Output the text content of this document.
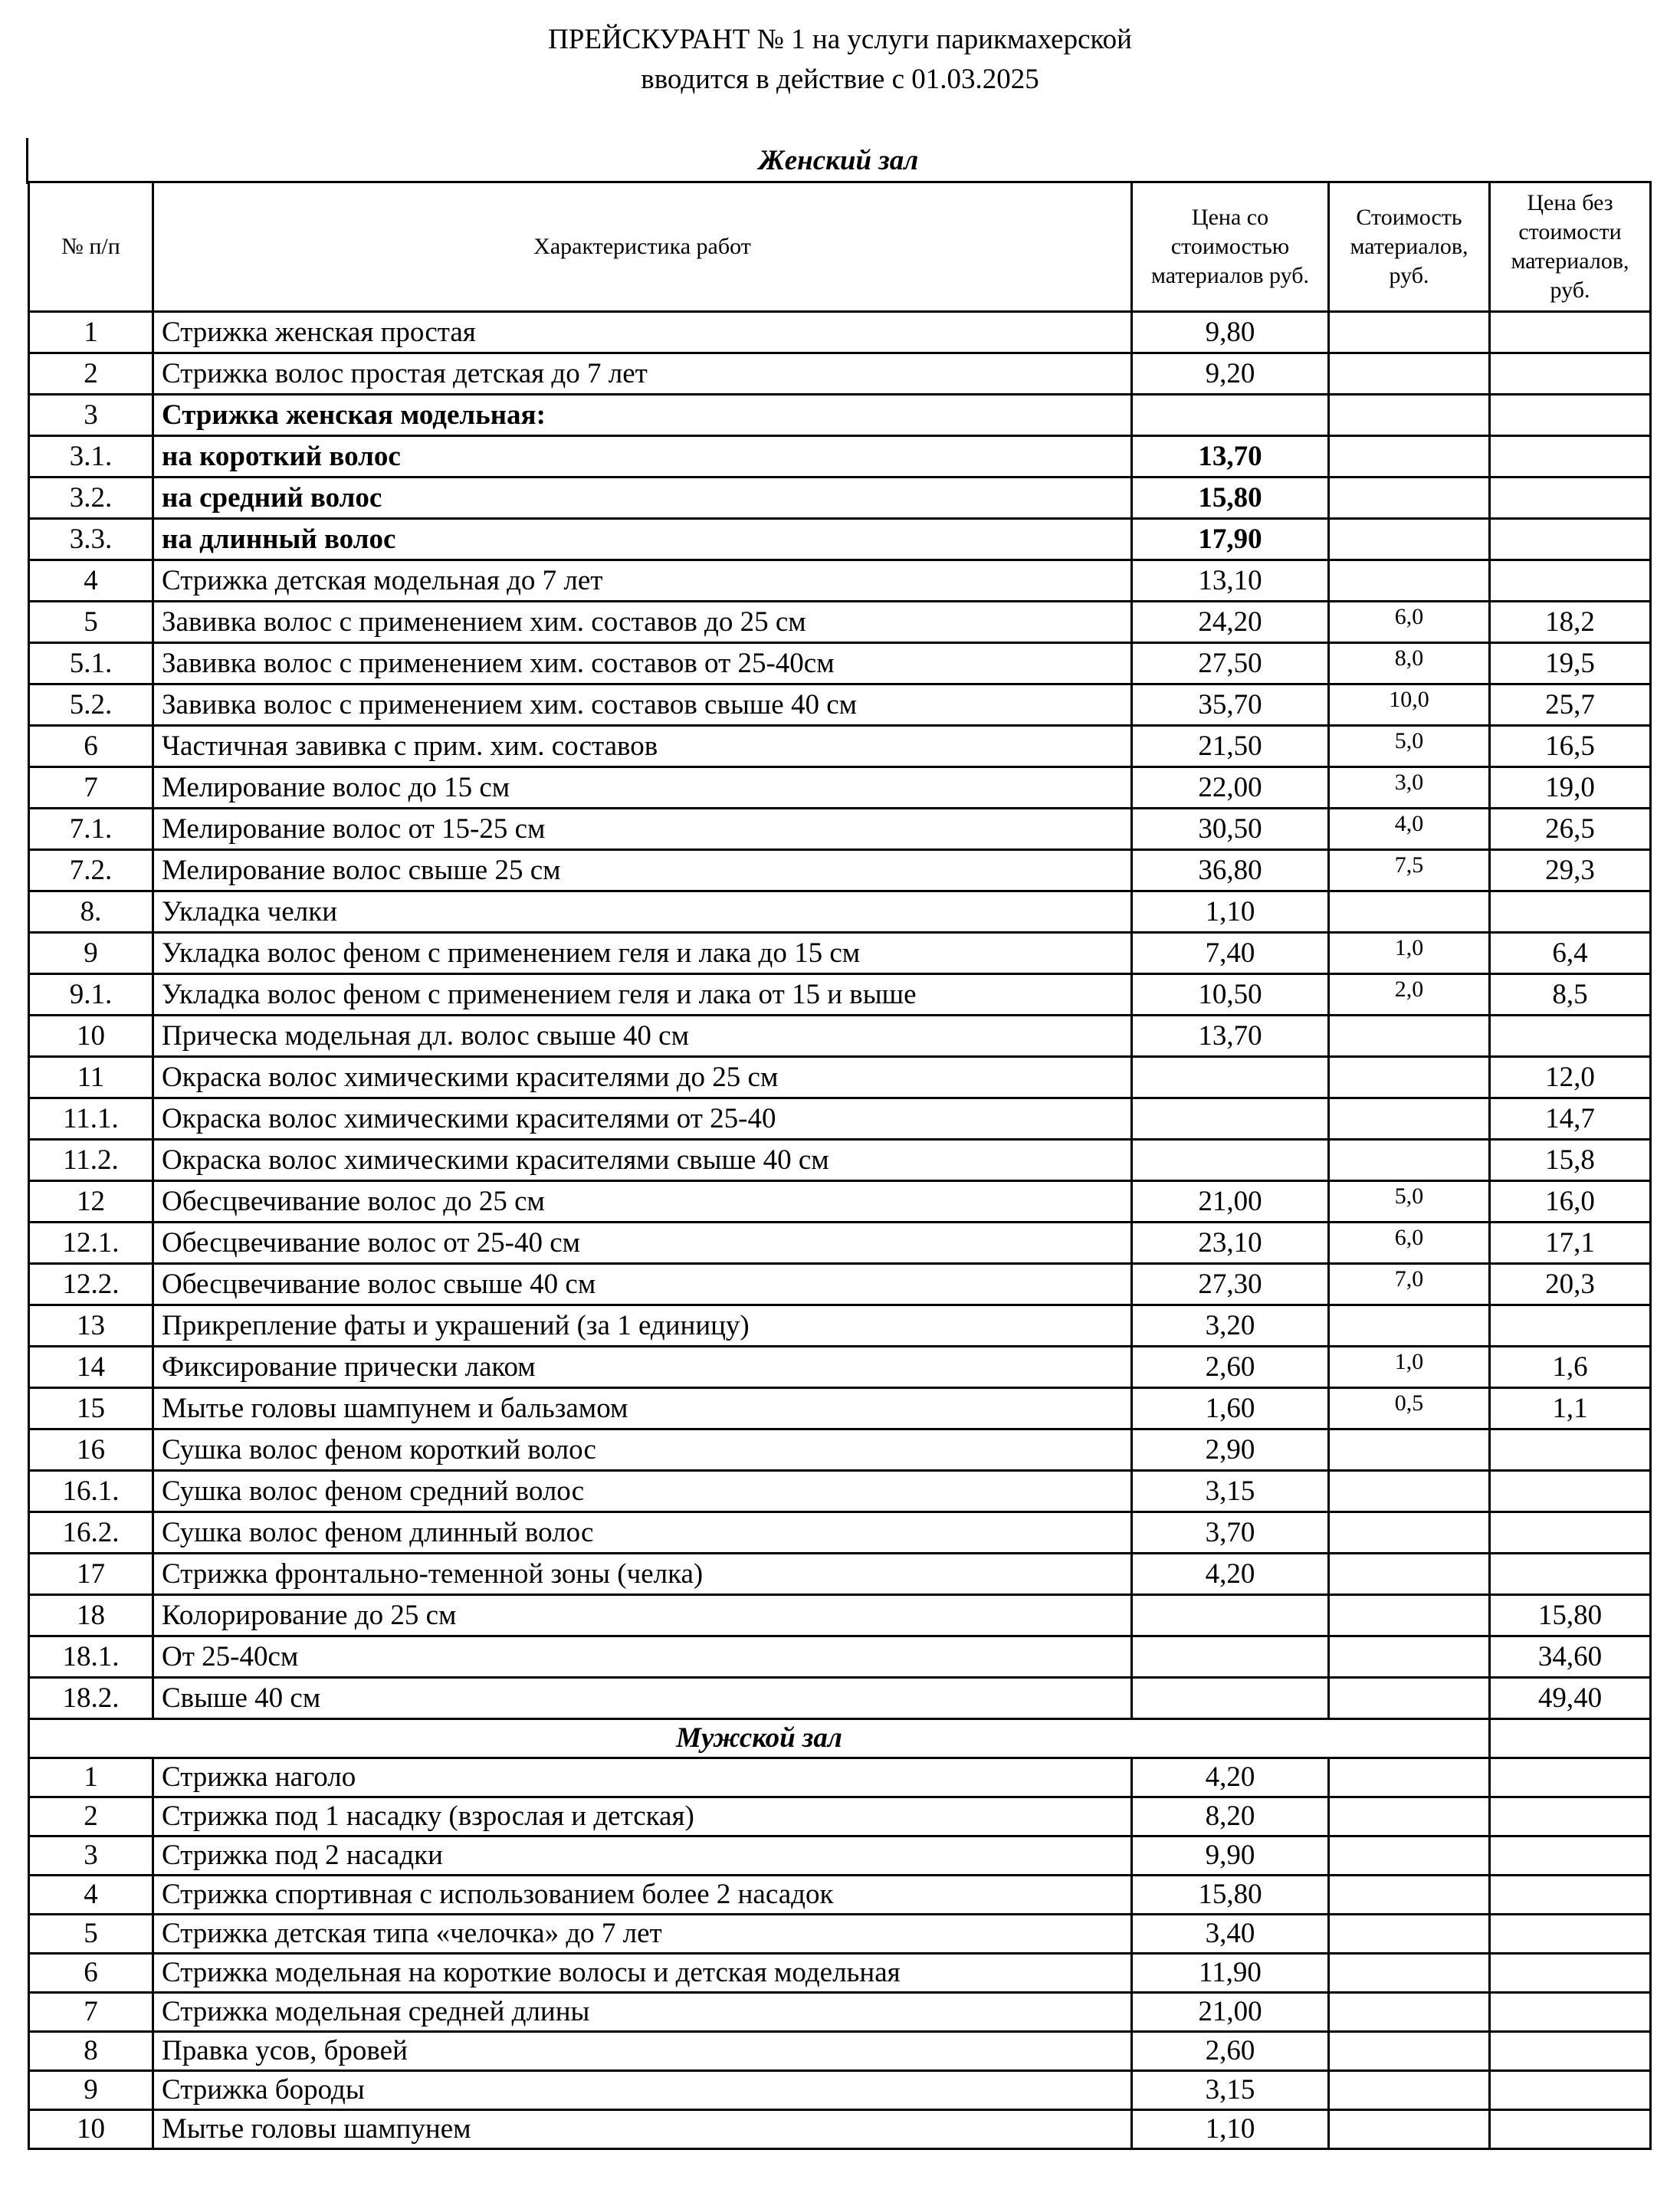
ПРЕЙСКУРАНТ № 1 на услуги парикмахерской
вводится в действие с 01.03.2025
Женский зал
№ п/п	Характеристика работ	Цена со стоимостью материалов руб.	Стоимость материалов, руб.	Цена без стоимости материалов, руб.
1	Стрижка женская простая	9,80		
2	Стрижка волос простая детская до 7 лет	9,20		
3	Стрижка женская модельная:			
3.1.	на короткий волос	13,70		
3.2.	на средний волос	15,80		
3.3.	на длинный волос	17,90		
4	Стрижка детская модельная до 7 лет	13,10		
5	Завивка волос с применением хим. составов до 25 см	24,20	6,0	18,2
5.1.	Завивка волос с применением хим. составов от 25-40см	27,50	8,0	19,5
5.2.	Завивка волос с применением хим. составов свыше 40 см	35,70	10,0	25,7
6	Частичная завивка с прим. хим. составов	21,50	5,0	16,5
7	Мелирование волос до 15 см	22,00	3,0	19,0
7.1.	Мелирование волос от 15-25 см	30,50	4,0	26,5
7.2.	Мелирование волос свыше 25 см	36,80	7,5	29,3
8.	Укладка челки	1,10		
9	Укладка волос феном с применением геля и лака до 15 см	7,40	1,0	6,4
9.1.	Укладка волос феном с применением геля и лака от 15 и выше	10,50	2,0	8,5
10	Прическа модельная дл. волос свыше 40 см	13,70		
11	Окраска волос химическими красителями до 25 см			12,0
11.1.	Окраска волос химическими красителями от 25-40			14,7
11.2.	Окраска волос химическими красителями свыше 40 см			15,8
12	Обесцвечивание волос до 25 см	21,00	5,0	16,0
12.1.	Обесцвечивание волос от 25-40 см	23,10	6,0	17,1
12.2.	Обесцвечивание волос свыше 40 см	27,30	7,0	20,3
13	Прикрепление фаты и украшений (за 1 единицу)	3,20		
14	Фиксирование прически лаком	2,60	1,0	1,6
15	Мытье головы шампунем и бальзамом	1,60	0,5	1,1
16	Сушка волос феном короткий волос	2,90		
16.1.	Сушка волос феном средний волос	3,15		
16.2.	Сушка волос феном длинный волос	3,70		
17	Стрижка фронтально-теменной зоны (челка)	4,20		
18	Колорирование до 25 см			15,80
18.1.	От 25-40см			34,60
18.2.	Свыше 40 см			49,40
Мужской зал				
1	Стрижка наголо	4,20		
2	Стрижка под 1 насадку (взрослая и детская)	8,20		
3	Стрижка под 2 насадки	9,90		
4	Стрижка спортивная с использованием более 2 насадок	15,80		
5	Стрижка детская типа «челочка» до 7 лет	3,40		
6	Стрижка модельная на короткие волосы и детская модельная	11,90		
7	Стрижка модельная средней длины	21,00		
8	Правка усов, бровей	2,60		
9	Стрижка бороды	3,15		
10	Мытье головы шампунем	1,10		
